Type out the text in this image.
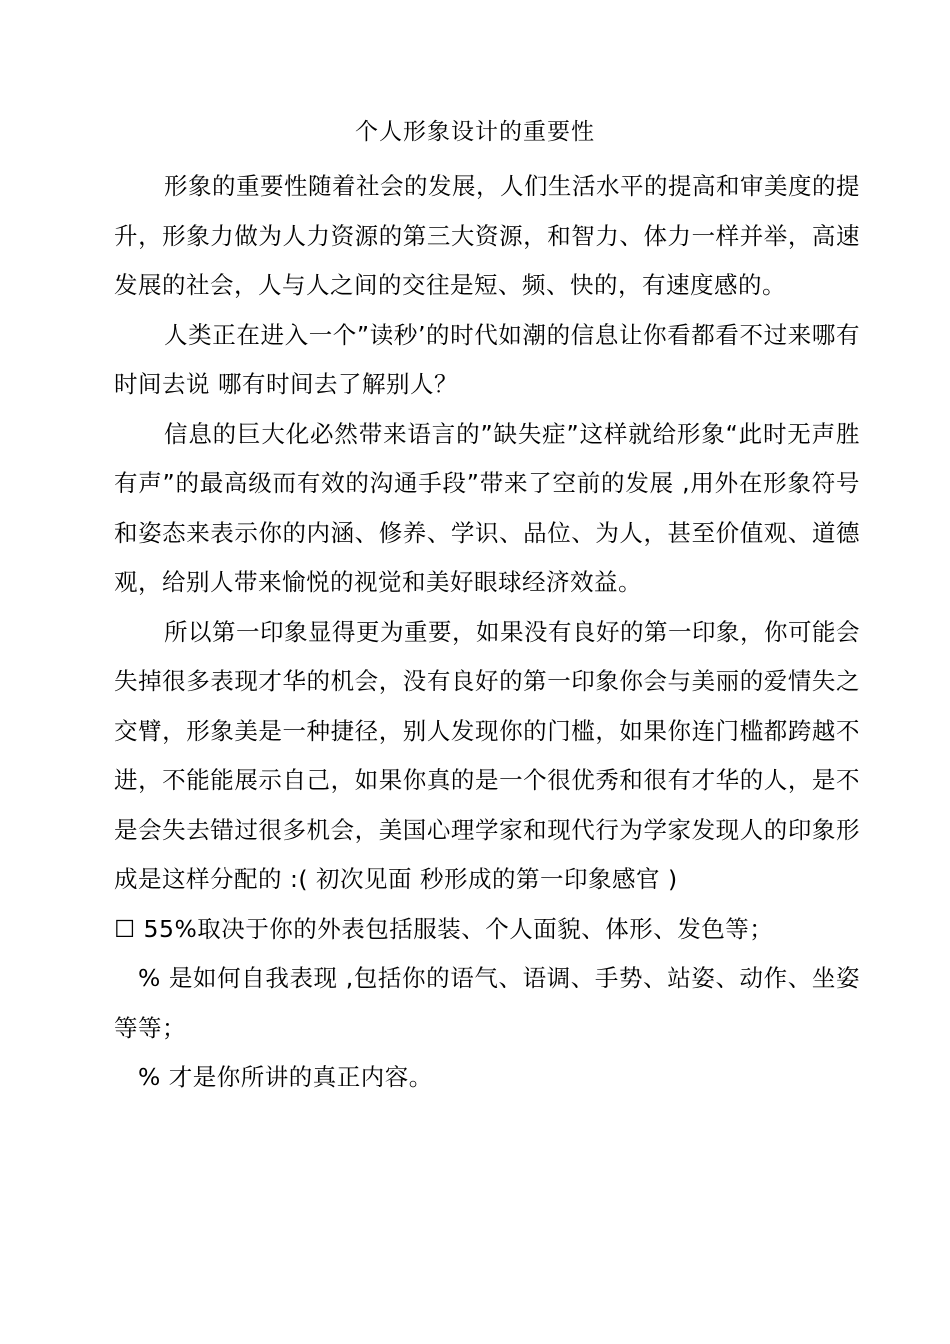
个人形象设计的重要性

形象的重要性随着社会的发展，人们生活水平的提高和审美度的提升，形象力做为人力资源的第三大资源，和智力、体力一样并举，高速发展的社会，人与人之间的交往是短、频、快的，有速度感的。

人类正在进入一个”读秒’的时代如潮的信息让你看都看不过来哪有时间去说 哪有时间去了解别人？

信息的巨大化必然带来语言的”缺失症”这样就给形象“此时无声胜有声”的最高级而有效的沟通手段”带来了空前的发展 ,用外在形象符号和姿态来表示你的内涵、修养、学识、品位、为人，甚至价值观、道德观，给别人带来愉悦的视觉和美好眼球经济效益。

所以第一印象显得更为重要，如果没有良好的第一印象，你可能会失掉很多表现才华的机会，没有良好的第一印象你会与美丽的爱情失之交臂，形象美是一种捷径，别人发现你的门槛，如果你连门槛都跨越不进，不能能展示自己，如果你真的是一个很优秀和很有才华的人，是不是会失去错过很多机会，美国心理学家和现代行为学家发现人的印象形成是这样分配的 :( 初次见面 秒形成的第一印象感官 )

☐ 55%取决于你的外表包括服装、个人面貌、体形、发色等；

% 是如何自我表现 ,包括你的语气、语调、手势、站姿、动作、坐姿等等；

% 才是你所讲的真正内容。
